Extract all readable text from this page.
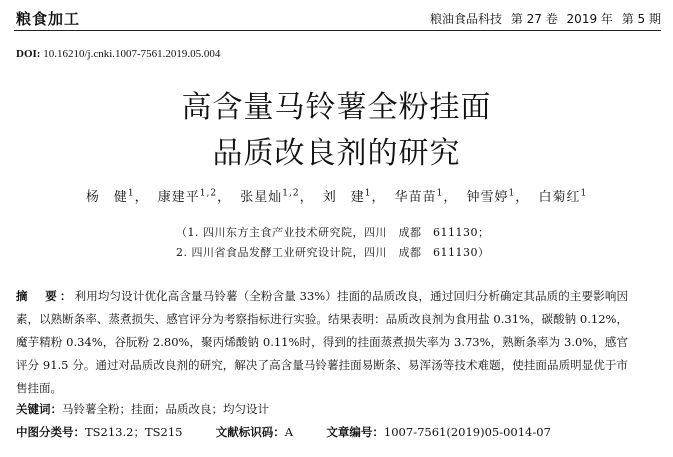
粮食加工	粮油食品科技 第 27 卷 2019 年 第 5 期
DOI: 10.16210/j.cnki.1007-7561.2019.05.004
高含量马铃薯全粉挂面
品质改良剂的研究
杨　健$^1$， 康建平$^{1,2}$， 张星灿$^{1,2}$， 刘　建$^1$， 华苗苗$^1$， 钟雪婷$^1$， 白菊红$^1$
（1. 四川东方主食产业技术研究院，四川　成都　611130；
2. 四川省食品发酵工业研究设计院，四川　成都　611130）
摘　要：利用均匀设计优化高含量马铃薯（全粉含量 33%）挂面的品质改良，通过回归分析确定其品质的主要影响因素，以熟断条率、蒸煮损失、感官评分为考察指标进行实验。结果表明：品质改良剂为食用盐 0.31%，碳酸钠 0.12%，魔芋精粉 0.34%，谷朊粉 2.80%，聚丙烯酸钠 0.11%时，得到的挂面蒸煮损失率为 3.73%，熟断条率为 3.0%，感官评分 91.5 分。通过对品质改良剂的研究，解决了高含量马铃薯挂面易断条、易浑汤等技术难题，使挂面品质明显优于市售挂面。
关键词：马铃薯全粉；挂面；品质改良；均匀设计
中图分类号：TS213.2；TS215	文献标识码：A	文章编号：1007-7561(2019)05-0014-07
